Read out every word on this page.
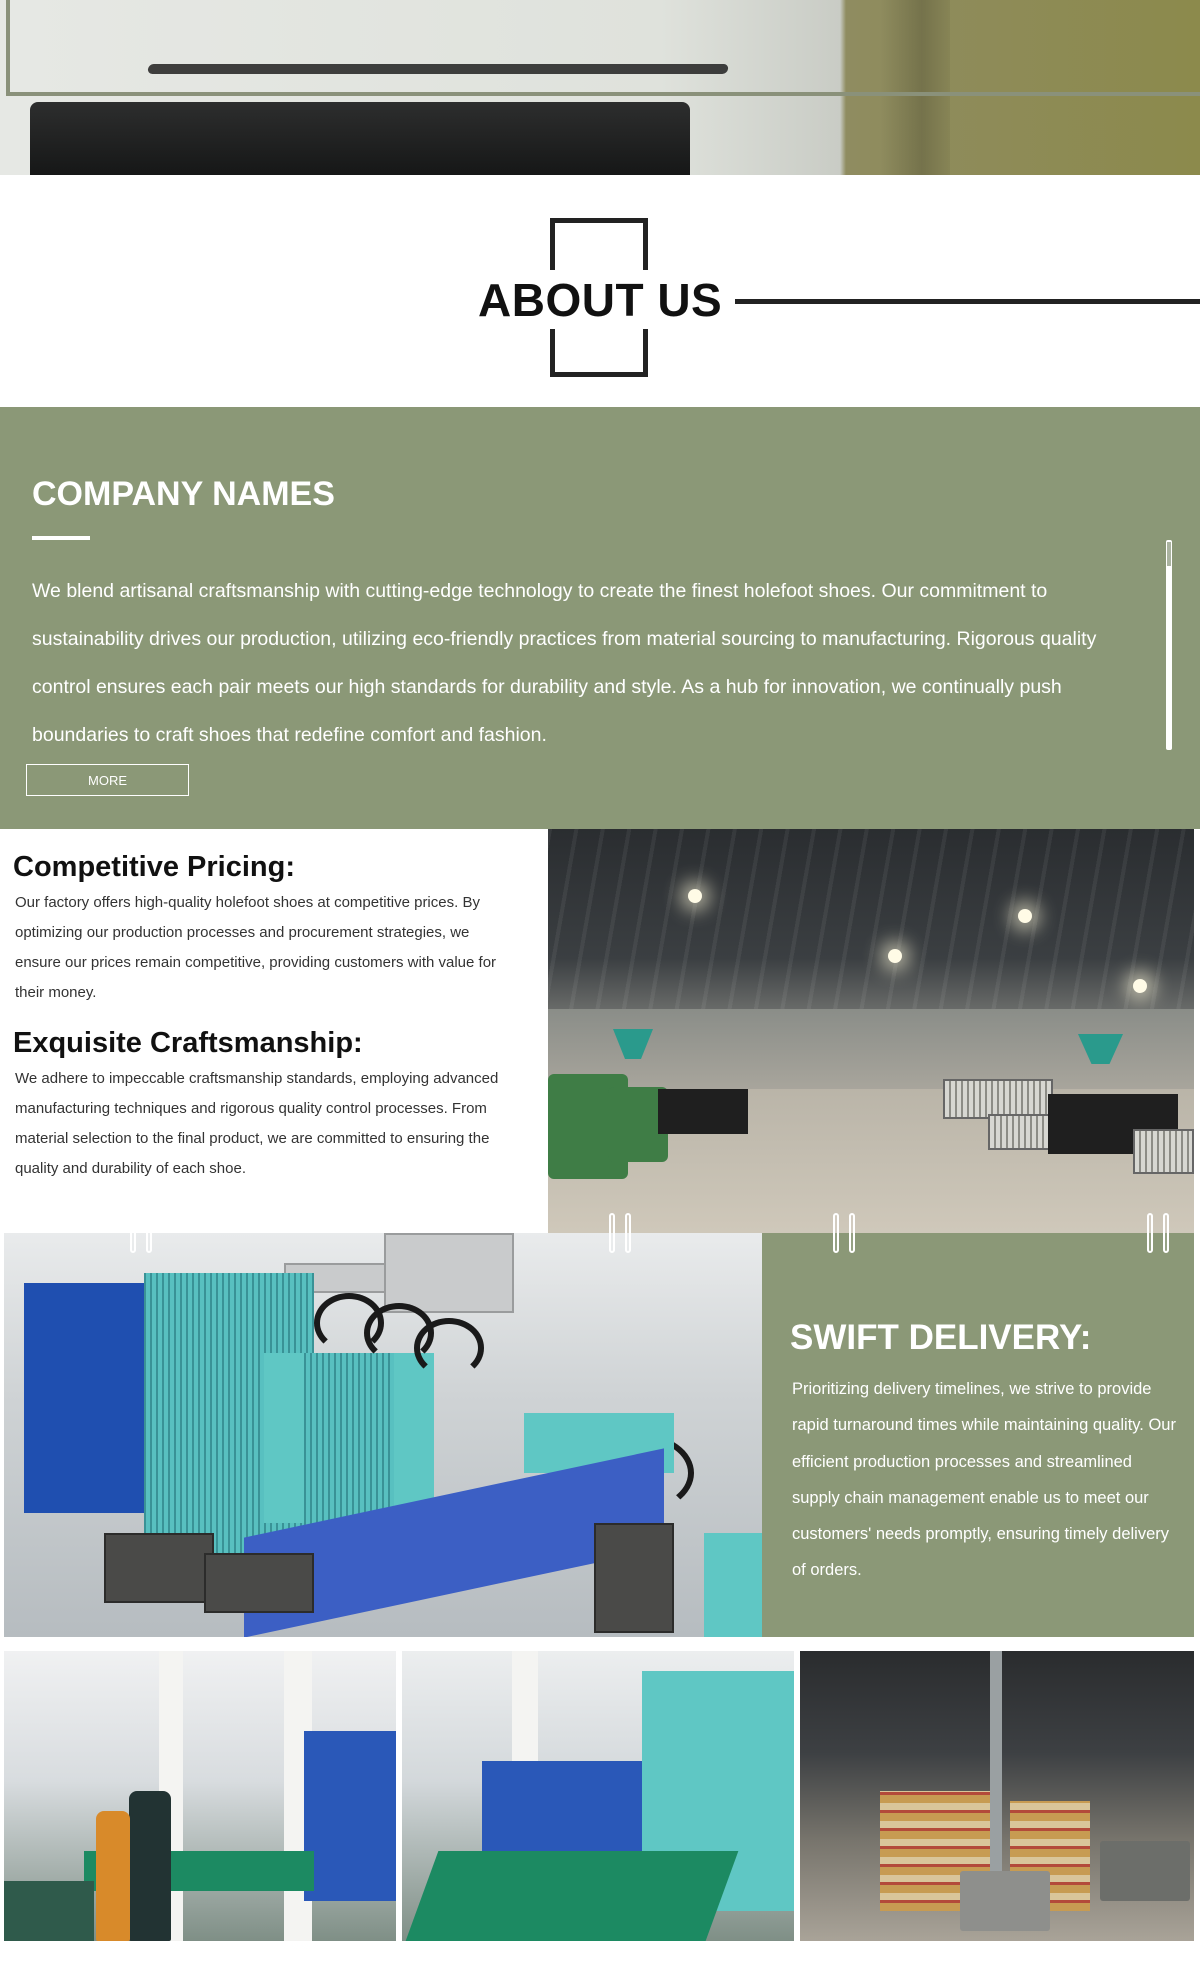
ABOUT US
COMPANY NAMES

We blend artisanal craftsmanship with cutting-edge technology to create the finest holefoot shoes. Our commitment to sustainability drives our production, utilizing eco-friendly practices from material sourcing to manufacturing. Rigorous quality control ensures each pair meets our high standards for durability and style. As a hub for innovation, we continually push boundaries to craft shoes that redefine comfort and fashion.

MORE
Competitive Pricing:

Our factory offers high-quality holefoot shoes at competitive prices. By optimizing our production processes and procurement strategies, we ensure our prices remain competitive, providing customers with value for their money.

Exquisite Craftsmanship:

We adhere to impeccable craftsmanship standards, employing advanced manufacturing techniques and rigorous quality control processes. From material selection to the final product, we are committed to ensuring the quality and durability of each shoe.

SWIFT DELIVERY:

Prioritizing delivery timelines, we strive to provide rapid turnaround times while maintaining quality. Our efficient production processes and streamlined supply chain management enable us to meet our customers' needs promptly, ensuring timely delivery of orders.
